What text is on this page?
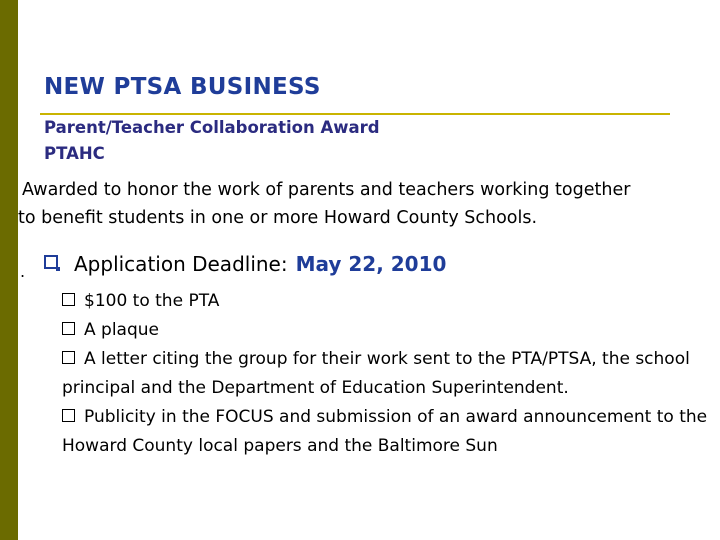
NEW PTSA BUSINESS
Parent/Teacher Collaboration Award
PTAHC
Awarded to honor the work of parents and teachers working together
to benefit students in one or more Howard County Schools.
.	Application Deadline: May 22, 2010
$100 to the PTA
A plaque
A letter citing the group for their work sent to the PTA/PTSA, the school principal and the Department of Education Superintendent.
Publicity in the FOCUS and submission of an award announcement to the Howard County local papers and the Baltimore Sun
